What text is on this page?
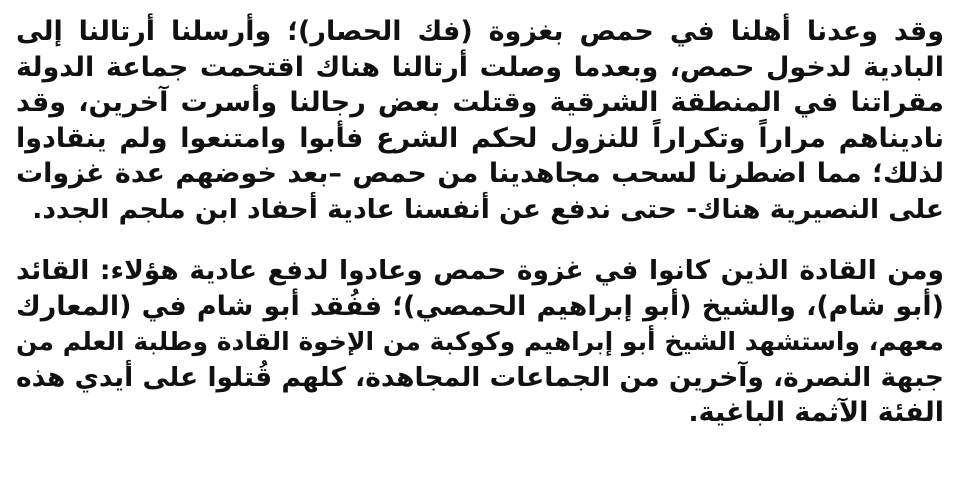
وقد وعدنا أهلنا في حمص بغزوة (فك الحصار)؛ وأرسلنا أرتالنا إلى
البادية لدخول حمص، وبعدما وصلت أرتالنا هناك اقتحمت جماعة الدولة
مقراتنا في المنطقة الشرقية وقتلت بعض رجالنا وأسرت آخرين، وقد
ناديناهم مراراً وتكراراً للنزول لحكم الشرع فأبوا وامتنعوا ولم ينقادوا
لذلك؛ مما اضطرنا لسحب مجاهدينا من حمص –بعد خوضهم عدة غزوات
على النصيرية هناك- حتى ندفع عن أنفسنا عادية أحفاد ابن ملجم الجدد.
ومن القادة الذين كانوا في غزوة حمص وعادوا لدفع عادية هؤلاء: القائد
(أبو شام)، والشيخ (أبو إبراهيم الحمصي)؛ ففُقد أبو شام في (المعارك
معهم، واستشهد الشيخ أبو إبراهيم وكوكبة من الإخوة القادة وطلبة العلم من
جبهة النصرة، وآخرين من الجماعات المجاهدة، كلهم قُتلوا على أيدي هذه
الفئة الآثمة الباغية.
